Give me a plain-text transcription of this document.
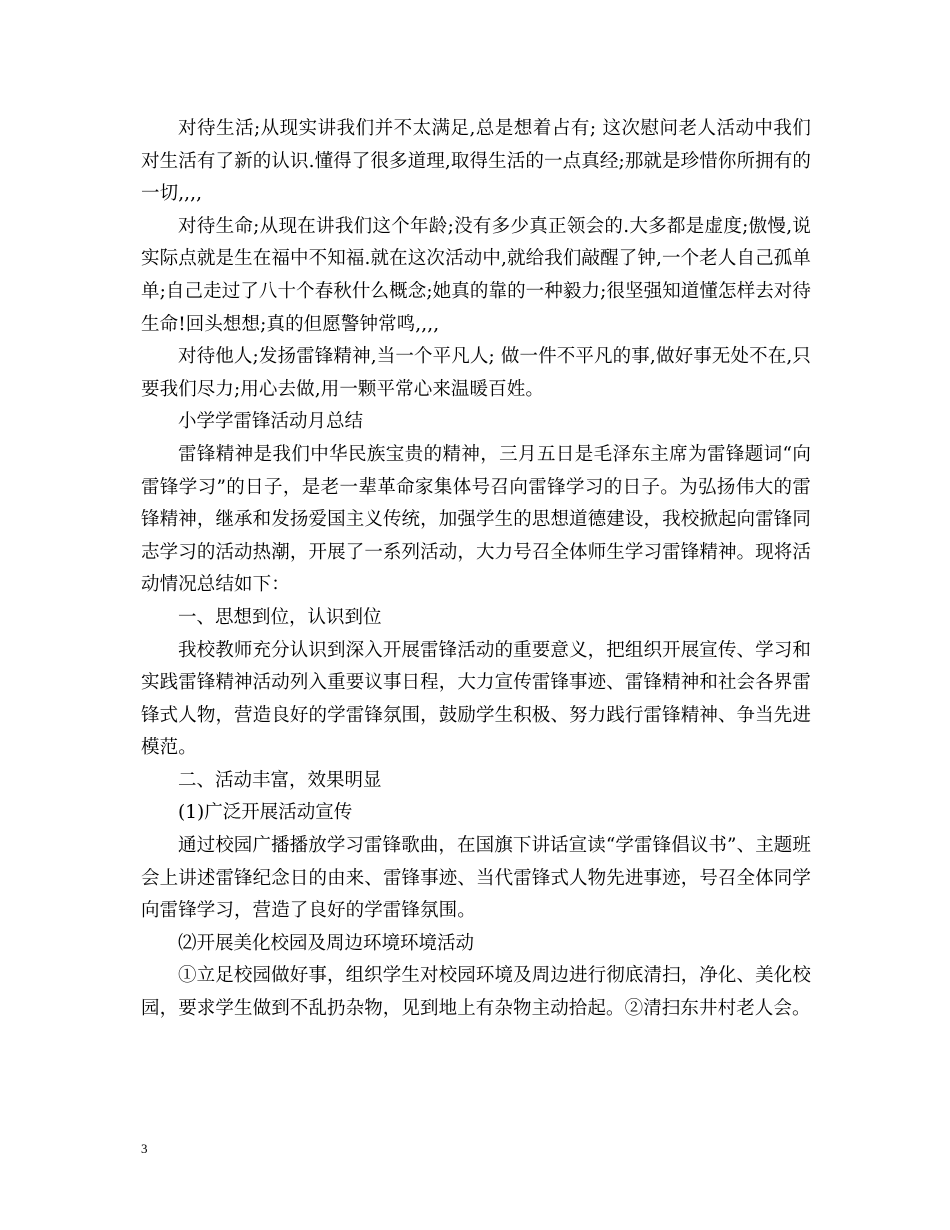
对待生活;从现实讲我们并不太满足,总是想着占有; 这次慰问老人活动中我们对生活有了新的认识.懂得了很多道理,取得生活的一点真经;那就是珍惜你所拥有的一切,,,,

对待生命;从现在讲我们这个年龄;没有多少真正领会的.大多都是虚度;傲慢,说实际点就是生在福中不知福.就在这次活动中,就给我们敲醒了钟,一个老人自己孤单单;自己走过了八十个春秋什么概念;她真的靠的一种毅力;很坚强知道懂怎样去对待生命!回头想想;真的但愿警钟常鸣,,,,

对待他人;发扬雷锋精神,当一个平凡人; 做一件不平凡的事,做好事无处不在,只要我们尽力;用心去做,用一颗平常心来温暖百姓。

小学学雷锋活动月总结

雷锋精神是我们中华民族宝贵的精神，三月五日是毛泽东主席为雷锋题词“向雷锋学习”的日子，是老一辈革命家集体号召向雷锋学习的日子。为弘扬伟大的雷锋精神，继承和发扬爱国主义传统，加强学生的思想道德建设，我校掀起向雷锋同志学习的活动热潮，开展了一系列活动，大力号召全体师生学习雷锋精神。现将活动情况总结如下：

一、思想到位，认识到位

我校教师充分认识到深入开展雷锋活动的重要意义，把组织开展宣传、学习和实践雷锋精神活动列入重要议事日程，大力宣传雷锋事迹、雷锋精神和社会各界雷锋式人物，营造良好的学雷锋氛围，鼓励学生积极、努力践行雷锋精神、争当先进模范。

二、活动丰富，效果明显

(1)广泛开展活动宣传

通过校园广播播放学习雷锋歌曲，在国旗下讲话宣读“学雷锋倡议书”、主题班会上讲述雷锋纪念日的由来、雷锋事迹、当代雷锋式人物先进事迹，号召全体同学向雷锋学习，营造了良好的学雷锋氛围。

⑵开展美化校园及周边环境环境活动

①立足校园做好事，组织学生对校园环境及周边进行彻底清扫，净化、美化校园，要求学生做到不乱扔杂物，见到地上有杂物主动拾起。②清扫东井村老人会。

3
